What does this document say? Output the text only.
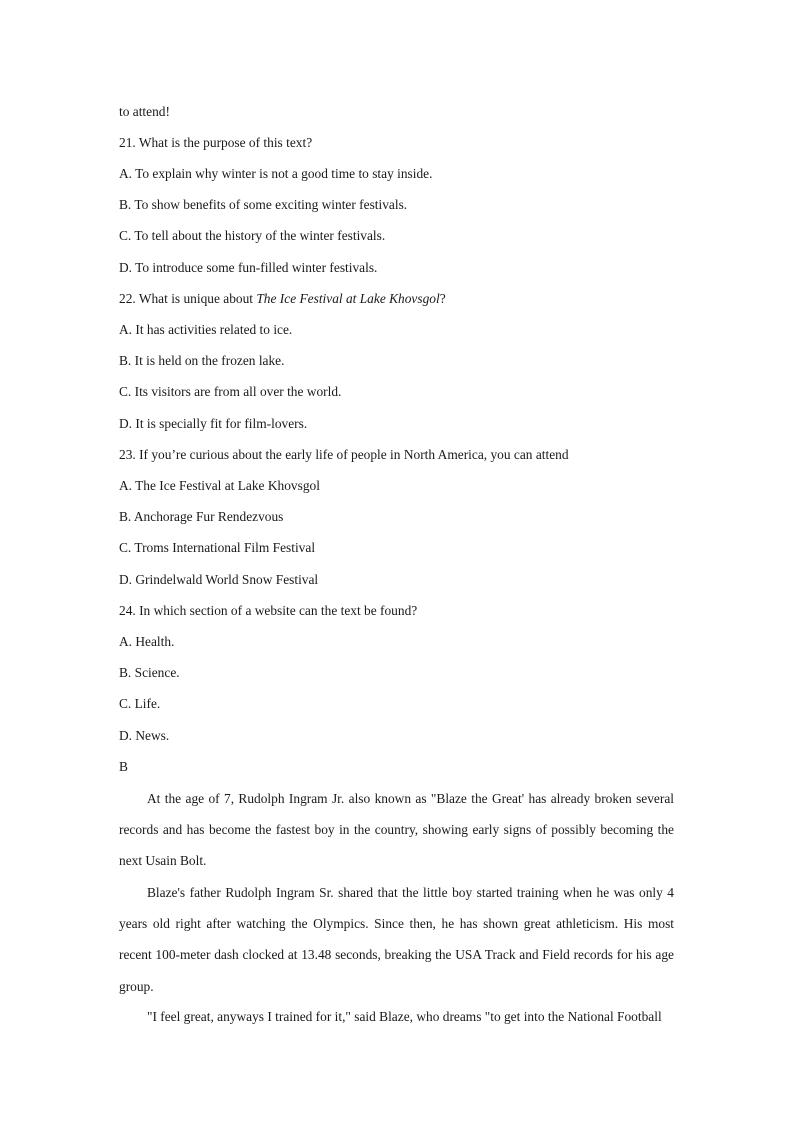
to attend!
21. What is the purpose of this text?
A. To explain why winter is not a good time to stay inside.
B. To show benefits of some exciting winter festivals.
C. To tell about the history of the winter festivals.
D. To introduce some fun-filled winter festivals.
22. What is unique about The Ice Festival at Lake Khovsgol?
A. It has activities related to ice.
B. It is held on the frozen lake.
C. Its visitors are from all over the world.
D. It is specially fit for film-lovers.
23. If you’re curious about the early life of people in North America, you can attend
A. The Ice Festival at Lake Khovsgol
B. Anchorage Fur Rendezvous
C. Troms International Film Festival
D. Grindelwald World Snow Festival
24. In which section of a website can the text be found?
A. Health.
B. Science.
C. Life.
D. News.
B
At the age of 7, Rudolph Ingram Jr. also known as "Blaze the Great' has already broken several records and has become the fastest boy in the country, showing early signs of possibly becoming the next Usain Bolt.
Blaze's father Rudolph Ingram Sr. shared that the little boy started training when he was only 4 years old right after watching the Olympics. Since then, he has shown great athleticism. His most recent 100-meter dash clocked at 13.48 seconds, breaking the USA Track and Field records for his age group.
"I feel great, anyways I trained for it," said Blaze, who dreams "to get into the National Football
